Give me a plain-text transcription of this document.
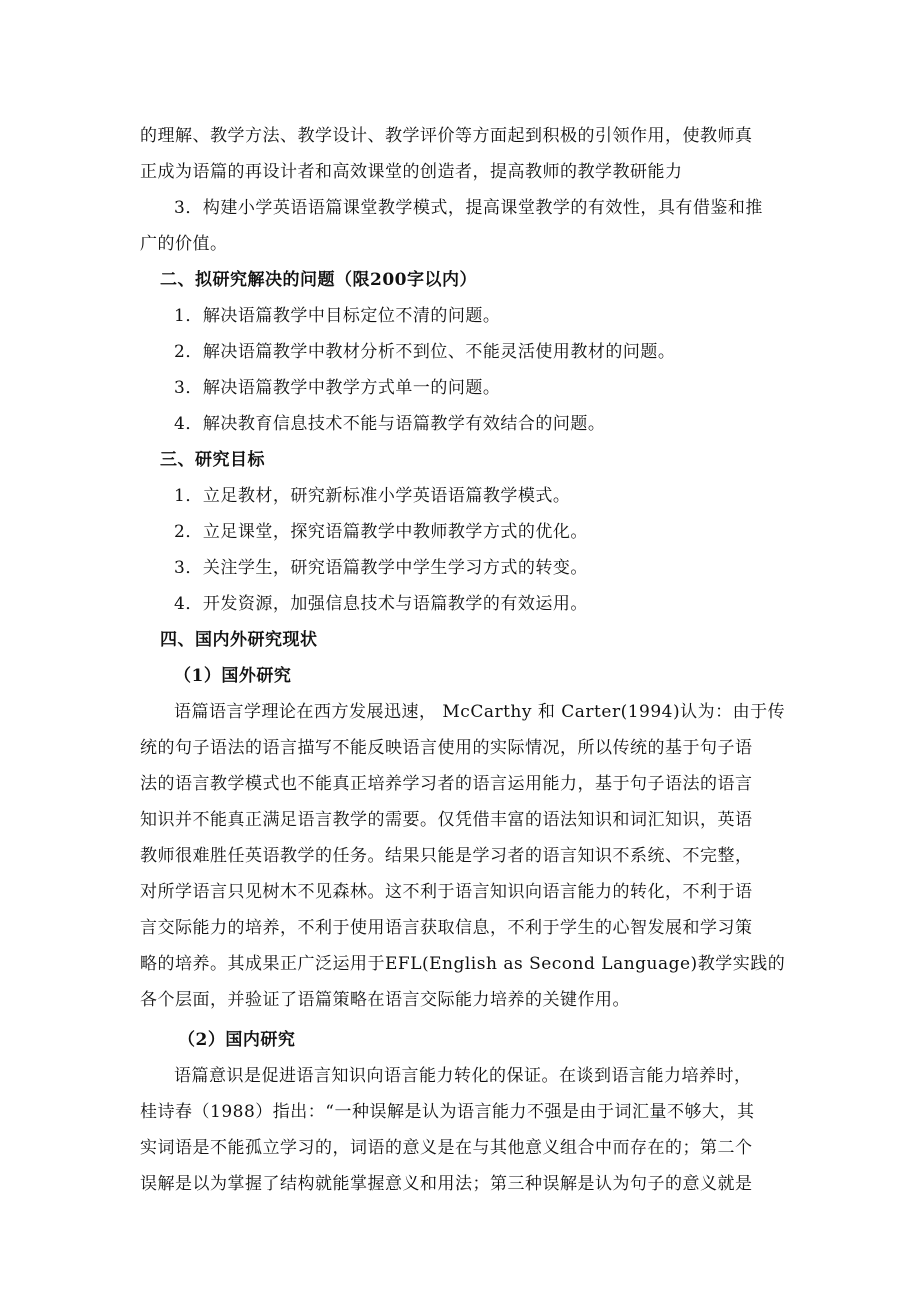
的理解、教学方法、教学设计、教学评价等方面起到积极的引领作用，使教师真
正成为语篇的再设计者和高效课堂的创造者，提高教师的教学教研能力
3．构建小学英语语篇课堂教学模式，提高课堂教学的有效性，具有借鉴和推
广的价值。
二、拟研究解决的问题（限200字以内）
1．解决语篇教学中目标定位不清的问题。
2．解决语篇教学中教材分析不到位、不能灵活使用教材的问题。
3．解决语篇教学中教学方式单一的问题。
4．解决教育信息技术不能与语篇教学有效结合的问题。
三、研究目标
1．立足教材，研究新标准小学英语语篇教学模式。
2．立足课堂，探究语篇教学中教师教学方式的优化。
3．关注学生，研究语篇教学中学生学习方式的转变。
4．开发资源，加强信息技术与语篇教学的有效运用。
四、国内外研究现状
（1）国外研究
语篇语言学理论在西方发展迅速， McCarthy 和 Carter(1994)认为：由于传
统的句子语法的语言描写不能反映语言使用的实际情况，所以传统的基于句子语
法的语言教学模式也不能真正培养学习者的语言运用能力，基于句子语法的语言
知识并不能真正满足语言教学的需要。仅凭借丰富的语法知识和词汇知识，英语
教师很难胜任英语教学的任务。结果只能是学习者的语言知识不系统、不完整，
对所学语言只见树木不见森林。这不利于语言知识向语言能力的转化，不利于语
言交际能力的培养，不利于使用语言获取信息，不利于学生的心智发展和学习策
略的培养。其成果正广泛运用于EFL(English as Second Language)教学实践的
各个层面，并验证了语篇策略在语言交际能力培养的关键作用。
（2）国内研究
语篇意识是促进语言知识向语言能力转化的保证。在谈到语言能力培养时，
桂诗春（1988）指出：“一种误解是认为语言能力不强是由于词汇量不够大，其
实词语是不能孤立学习的，词语的意义是在与其他意义组合中而存在的；第二个
误解是以为掌握了结构就能掌握意义和用法；第三种误解是认为句子的意义就是
